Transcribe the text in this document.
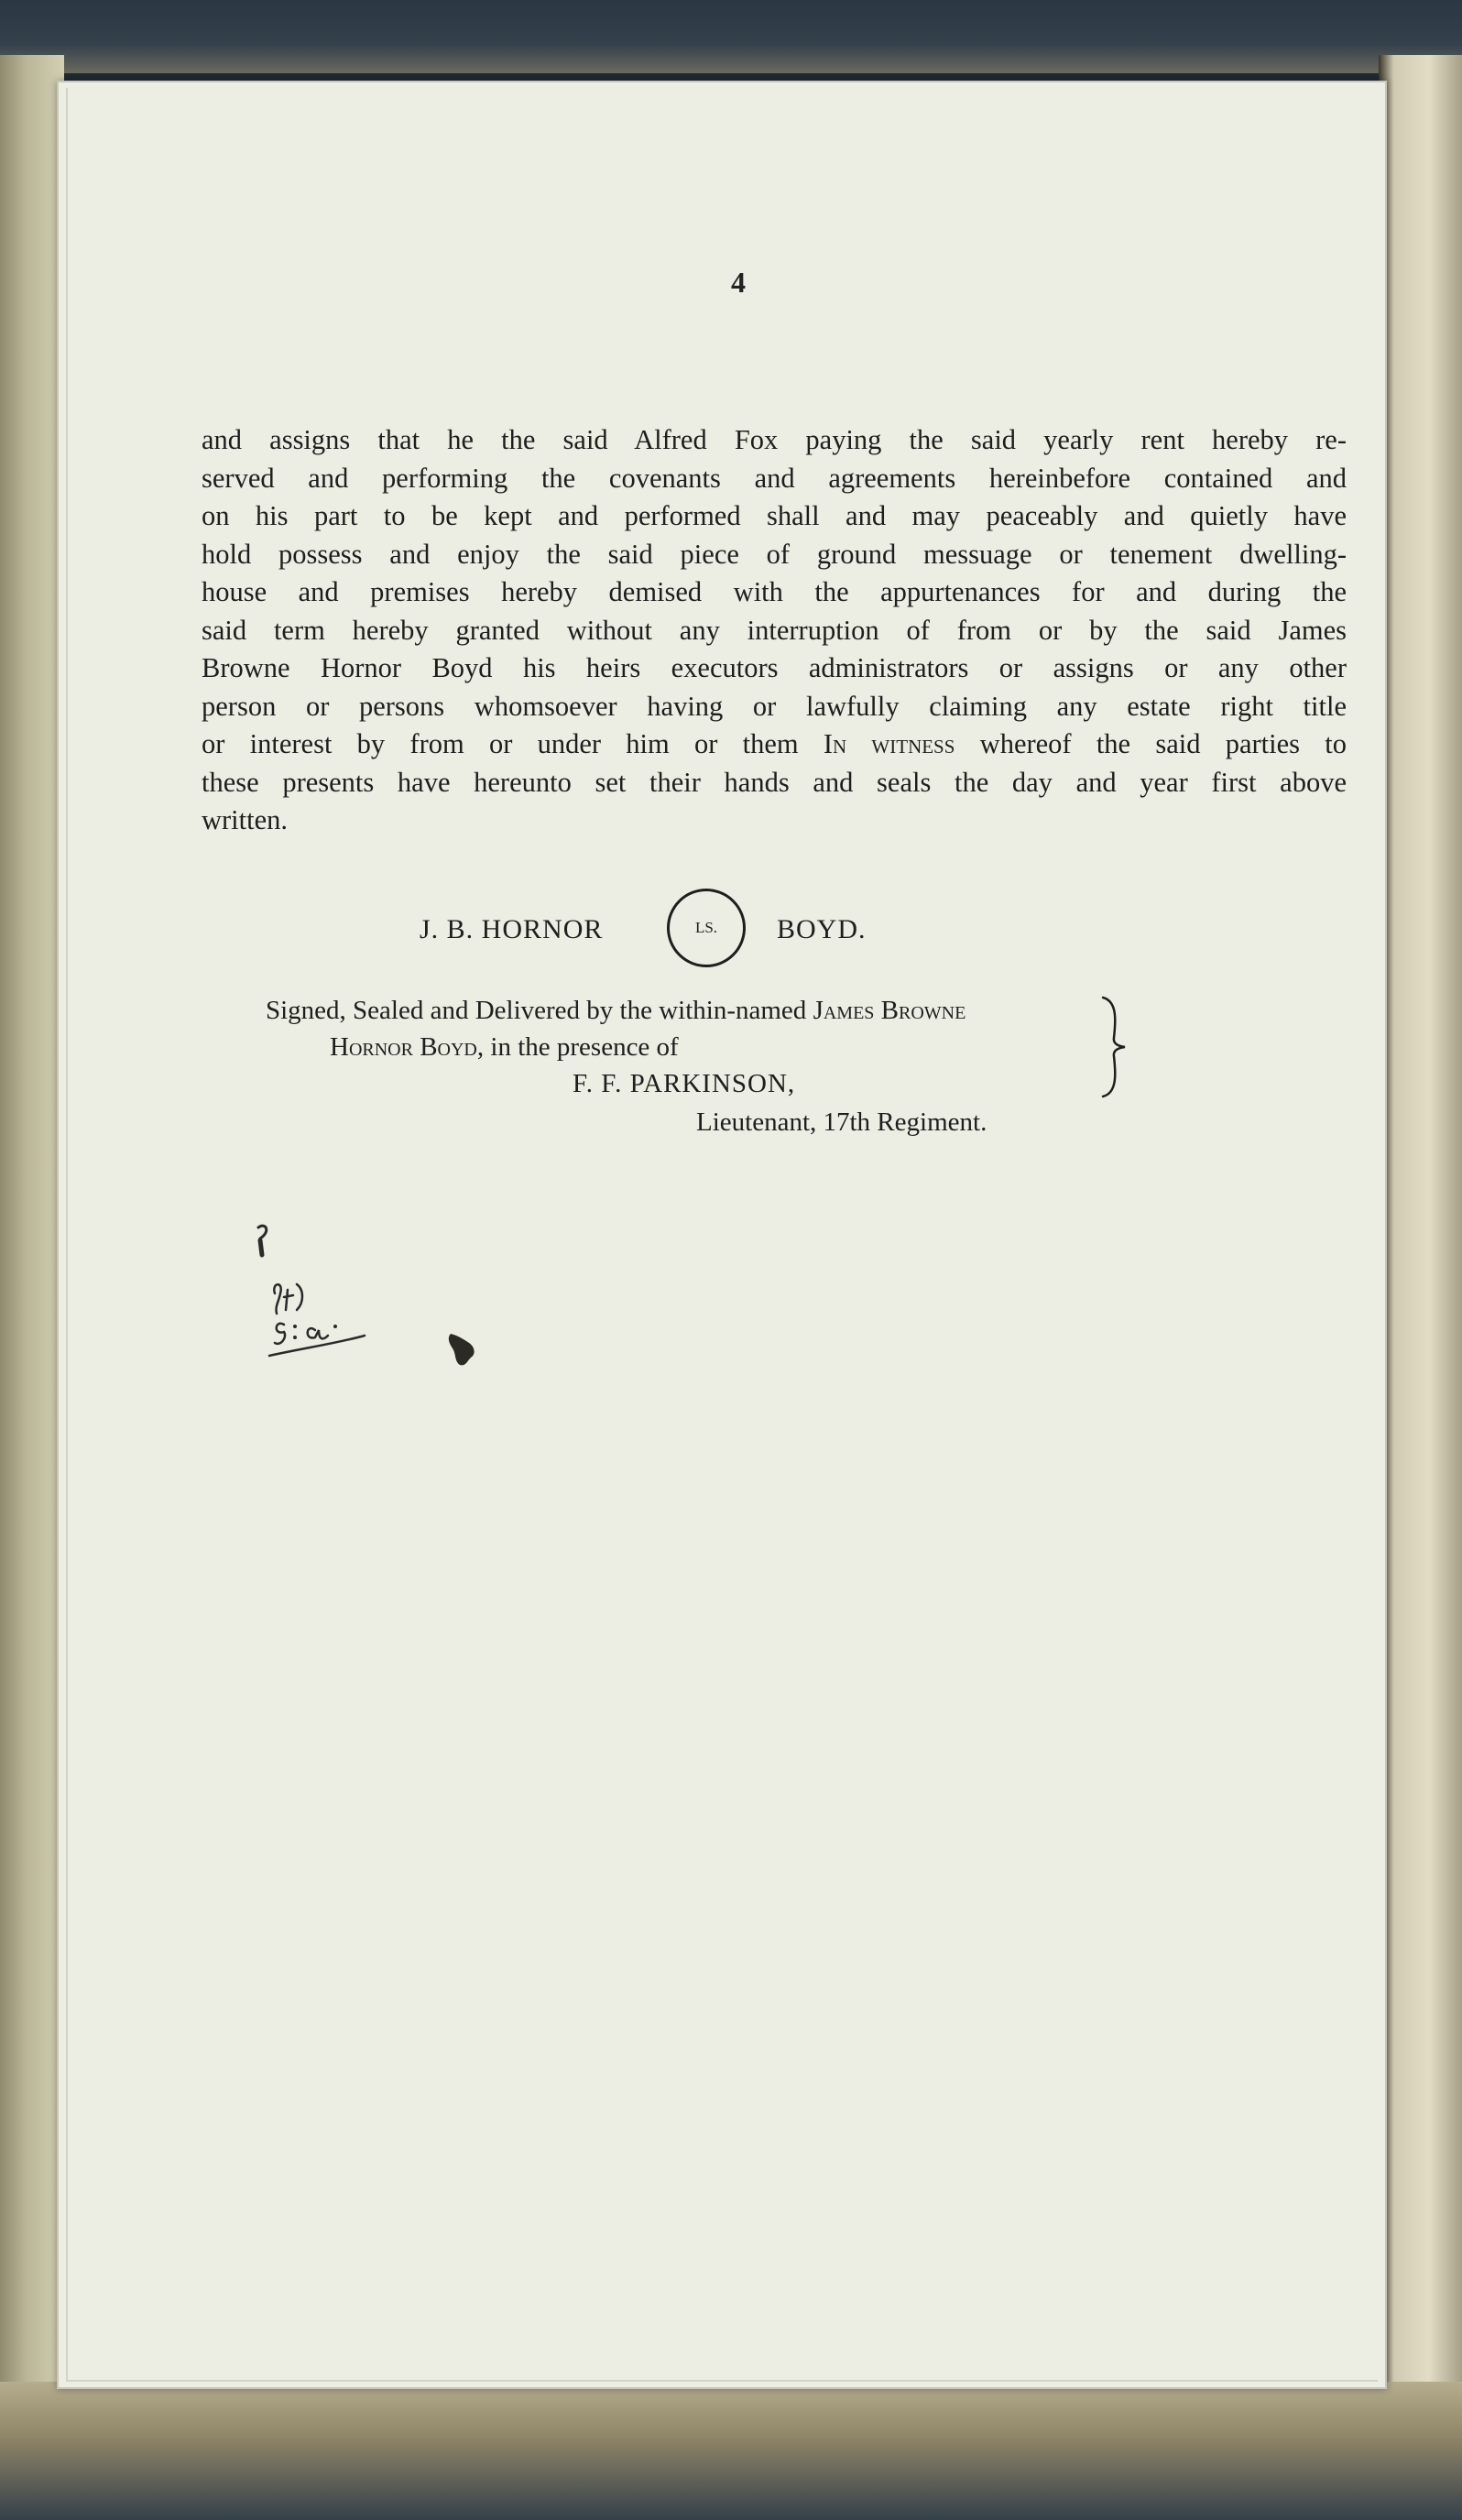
4

and assigns that he the said Alfred Fox paying the said yearly rent hereby re-
served and performing the covenants and agreements hereinbefore contained and
on his part to be kept and performed shall and may peaceably and quietly have
hold possess and enjoy the said piece of ground messuage or tenement dwelling-
house and premises hereby demised with the appurtenances for and during the
said term hereby granted without any interruption of from or by the said James
Browne Hornor Boyd his heirs executors administrators or assigns or any other
person or persons whomsoever having or lawfully claiming any estate right title
or interest by from or under him or them In witness whereof the said parties to
these presents have hereunto set their hands and seals the day and year first above
written.

J. B. HORNOR	LS.	BOYD.
Signed, Sealed and Delivered by the within-named James Browne
Hornor Boyd, in the presence of
F. F. PARKINSON,
Lieutenant, 17th Regiment.
